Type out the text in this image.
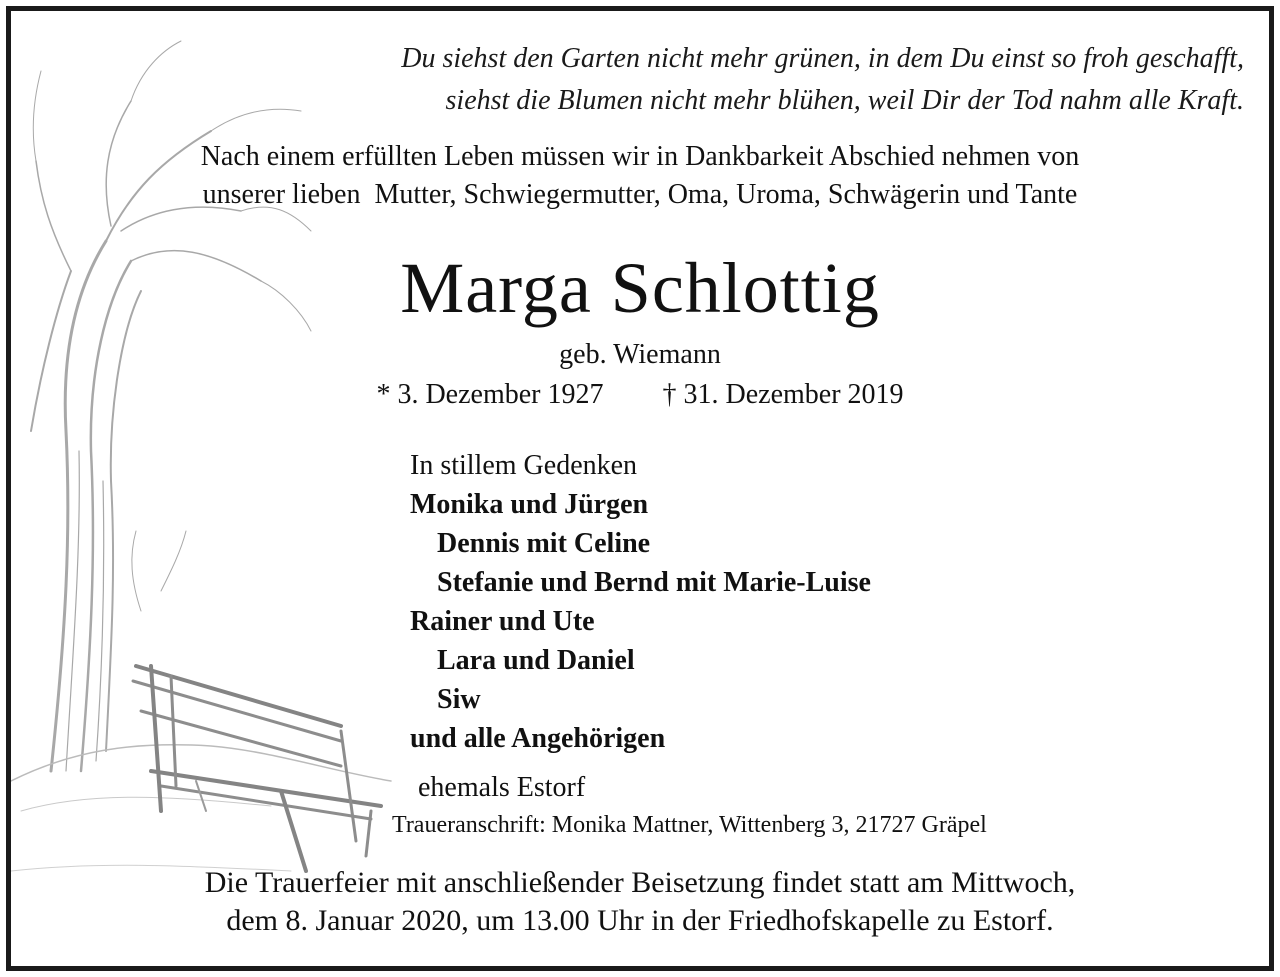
Du siehst den Garten nicht mehr grünen, in dem Du einst so froh geschafft,
siehst die Blumen nicht mehr blühen, weil Dir der Tod nahm alle Kraft.
Nach einem erfüllten Leben müssen wir in Dankbarkeit Abschied nehmen von
unserer lieben  Mutter, Schwiegermutter, Oma, Uroma, Schwägerin und Tante
Marga Schlottig
geb. Wiemann
* 3. Dezember 1927 † 31. Dezember 2019
In stillem Gedenken
Monika und Jürgen
Dennis mit Celine
Stefanie und Bernd mit Marie-Luise
Rainer und Ute
Lara und Daniel
Siw
und alle Angehörigen
ehemals Estorf
Traueranschrift: Monika Mattner, Wittenberg 3, 21727 Gräpel
Die Trauerfeier mit anschließender Beisetzung findet statt am Mittwoch,
dem 8. Januar 2020, um 13.00 Uhr in der Friedhofskapelle zu Estorf.
